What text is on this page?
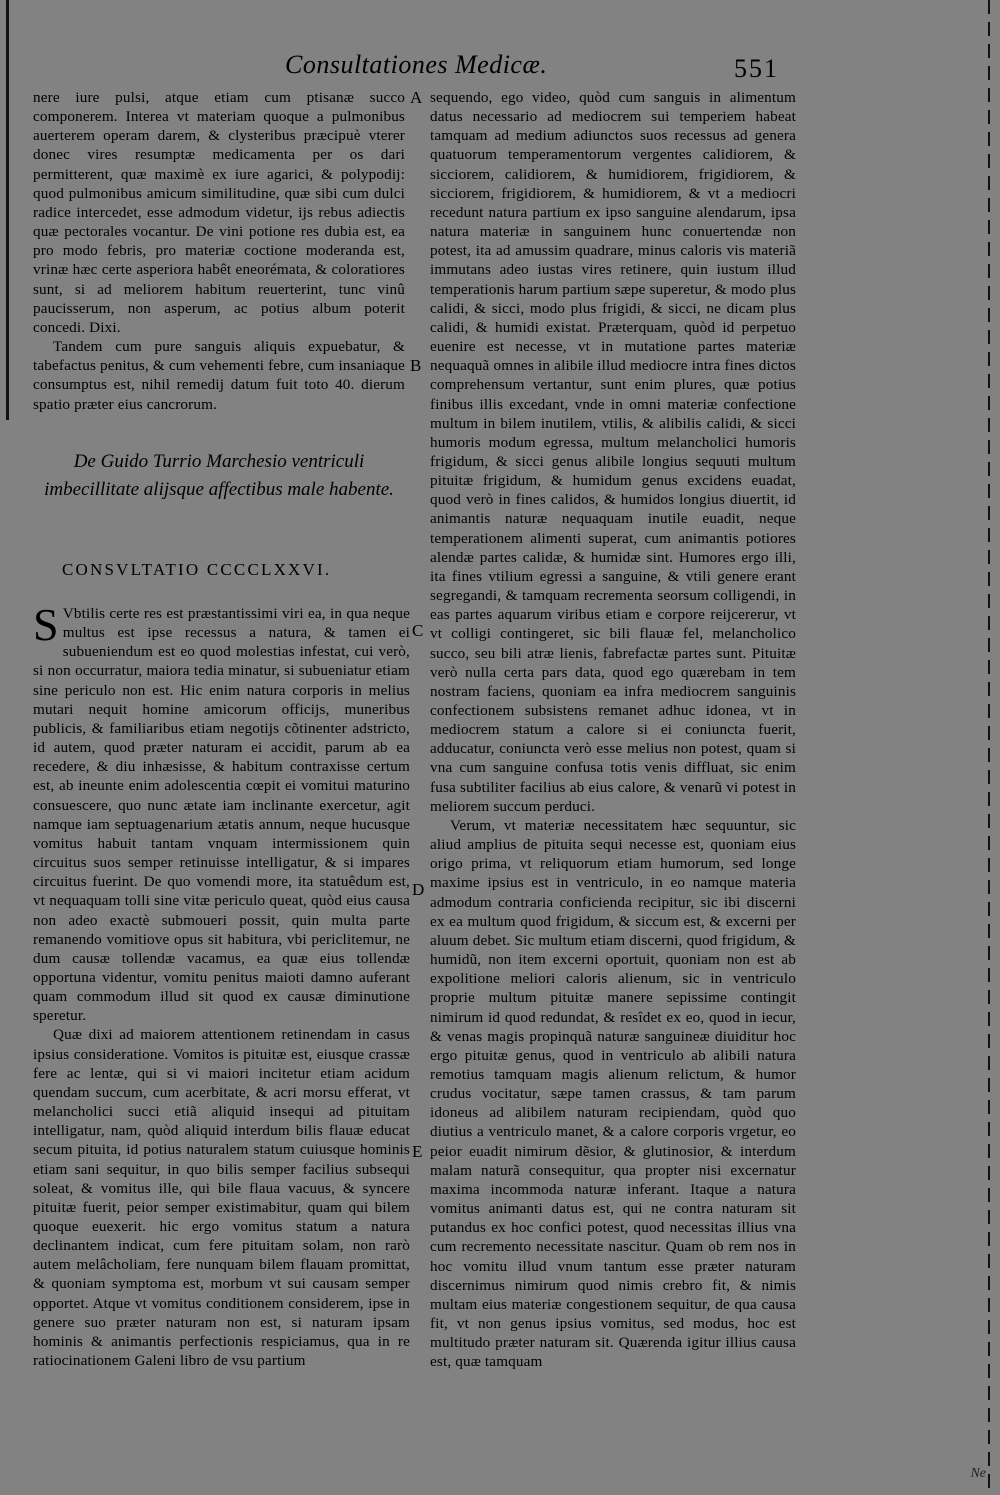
Consultationes Medicæ.	551

nere iure pulsi, atque etiam cum ptisanæ succo componerem. Interea vt materiam quoque a pulmonibus auerterem operam darem, & clysteribus præcipuè vterer donec vires resumptæ medicamenta per os dari permitterent, quæ maximè ex iure agarici, & polypodij: quod pulmonibus amicum similitudine, quæ sibi cum dulci radice intercedet, esse admodum videtur, ijs rebus adiectis quæ pectorales vocantur. De vini potione res dubia est, ea pro modo febris, pro materiæ coctione moderanda est, vrinæ hæc certe asperiora habêt eneorémata, & coloratiores sunt, si ad meliorem habitum reuerterint, tunc vinû paucisserum, non asperum, ac potius album poterit concedi. Dixi.

Tandem cum pure sanguis aliquis expuebatur, & tabefactus penitus, & cum vehementi febre, cum insaniaque consumptus est, nihil remedij datum fuit toto 40. dierum spatio præter eius cancrorum.

De Guido Turrio Marchesio ventriculi imbecillitate alijsque affectibus male habente.
CONSVLTATIO CCCCLXXVI.

S Vbtilis certe res est præstantissimi viri ea, in qua neque multus est ipse recessus a natura, & tamen ei subueniendum est eo quod molestias infestat, cui verò, si non occurratur, maiora tedia minatur, si subueniatur etiam sine periculo non est. Hic enim natura corporis in melius mutari nequit homine amicorum officijs, muneribus publicis, & familiaribus etiam negotijs cõtinenter adstricto, id autem, quod præter naturam ei accidit, parum ab ea recedere, & diu inhæsisse, & habitum contraxisse certum est, ab ineunte enim adolescentia cœpit ei vomitui maturino consuescere, quo nunc ætate iam inclinante exercetur, agit namque iam septuagenarium ætatis annum, neque hucusque vomitus habuit tantam vnquam intermissionem quin circuitus suos semper retinuisse intelligatur, & si impares circuitus fuerint. De quo vomendi more, ita statuêdum est, vt nequaquam tolli sine vitæ periculo queat, quòd eius causa non adeo exactè submoueri possit, quin multa parte remanendo vomitiove opus sit habitura, vbi periclitemur, ne dum causæ tollendæ vacamus, ea quæ eius tollendæ opportuna videntur, vomitu penitus maioti damno auferant quam commodum illud sit quod ex causæ diminutione speretur.

Quæ dixi ad maiorem attentionem retinendam in casus ipsius consideratione. Vomitos is pituitæ est, eiusque crassæ fere ac lentæ, qui si vi maiori incitetur etiam acidum quendam succum, cum acerbitate, & acri morsu efferat, vt melancholici succi etiã aliquid insequi ad pituitam intelligatur, nam, quòd aliquid interdum bilis flauæ educat secum pituita, id potius naturalem statum cuiusque hominis etiam sani sequitur, in quo bilis semper facilius subsequi soleat, & vomitus ille, qui bile flaua vacuus, & syncere pituitæ fuerit, peior semper existimabitur, quam qui bilem quoque euexerit. hic ergo vomitus statum a natura declinantem indicat, cum fere pituitam solam, non rarò autem melâcholiam, fere nunquam bilem flauam promittat, & quoniam symptoma est, morbum vt sui causam semper opportet. Atque vt vomitus conditionem considerem, ipse in genere suo præter naturam non est, si naturam ipsam hominis & animantis perfectionis respiciamus, qua in re ratiocinationem Galeni libro de vsu partium

A
B
C
D
E

sequendo, ego video, quòd cum sanguis in alimentum datus necessario ad mediocrem sui temperiem habeat tamquam ad medium adiunctos suos recessus ad genera quatuorum temperamentorum vergentes calidiorem, & sicciorem, calidiorem, & humidiorem, frigidiorem, & sicciorem, frigidiorem, & humidiorem, & vt a mediocri recedunt natura partium ex ipso sanguine alendarum, ipsa natura materiæ in sanguinem hunc conuertendæ non potest, ita ad amussim quadrare, minus caloris vis materiã immutans adeo iustas vires retinere, quin iustum illud temperationis harum partium sæpe superetur, & modo plus calidi, & sicci, modo plus frigidi, & sicci, ne dicam plus calidi, & humidi existat. Præterquam, quòd id perpetuo euenire est necesse, vt in mutatione partes materiæ nequaquã omnes in alibile illud mediocre intra fines dictos comprehensum vertantur, sunt enim plures, quæ potius finibus illis excedant, vnde in omni materiæ confectione multum in bilem inutilem, vtilis, & alibilis calidi, & sicci humoris modum egressa, multum melancholici humoris frigidum, & sicci genus alibile longius sequuti multum pituitæ frigidum, & humidum genus excidens euadat, quod verò in fines calidos, & humidos longius diuertit, id animantis naturæ nequaquam inutile euadit, neque temperationem alimenti superat, cum animantis potiores alendæ partes calidæ, & humidæ sint. Humores ergo illi, ita fines vtilium egressi a sanguine, & vtili genere erant segregandi, & tamquam recrementa seorsum colligendi, in eas partes aquarum viribus etiam e corpore reijcererur, vt vt colligi contingeret, sic bili flauæ fel, melancholico succo, seu bili atræ lienis, fabrefactæ partes sunt. Pituitæ verò nulla certa pars data, quod ego quærebam in tem nostram faciens, quoniam ea infra mediocrem sanguinis confectionem subsistens remanet adhuc idonea, vt in mediocrem statum a calore si ei coniuncta fuerit, adducatur, coniuncta verò esse melius non potest, quam si vna cum sanguine confusa totis venis diffluat, sic enim fusa subtiliter facilius ab eius calore, & venarũ vi potest in meliorem succum perduci.

Verum, vt materiæ necessitatem hæc sequuntur, sic aliud amplius de pituita sequi necesse est, quoniam eius origo prima, vt reliquorum etiam humorum, sed longe maxime ipsius est in ventriculo, in eo namque materia admodum contraria conficienda recipitur, sic ibi discerni ex ea multum quod frigidum, & siccum est, & excerni per aluum debet. Sic multum etiam discerni, quod frigidum, & humidũ, non item excerni oportuit, quoniam non est ab expolitione meliori caloris alienum, sic in ventriculo proprie multum pituitæ manere sepissime contingit nimirum id quod redundat, & resîdet ex eo, quod in iecur, & venas magis propinquã naturæ sanguineæ diuiditur hoc ergo pituitæ genus, quod in ventriculo ab alibili natura remotius tamquam magis alienum relictum, & humor crudus vocitatur, sæpe tamen crassus, & tam parum idoneus ad alibilem naturam recipiendam, quòd quo diutius a ventriculo manet, & a calore corporis vrgetur, eo peior euadit nimirum dẽsior, & glutinosior, & interdum malam naturã consequitur, qua propter nisi excernatur maxima incommoda naturæ inferant. Itaque a natura vomitus animanti datus est, qui ne contra naturam sit putandus ex hoc confici potest, quod necessitas illius vna cum recremento necessitate nascitur. Quam ob rem nos in hoc vomitu illud vnum tantum esse præter naturam discernimus nimirum quod nimis crebro fit, & nimis multam eius materiæ congestionem sequitur, de qua causa fit, vt non genus ipsius vomitus, sed modus, hoc est multitudo præter naturam sit. Quærenda igitur illius causa est, quæ tamquam

Ne
